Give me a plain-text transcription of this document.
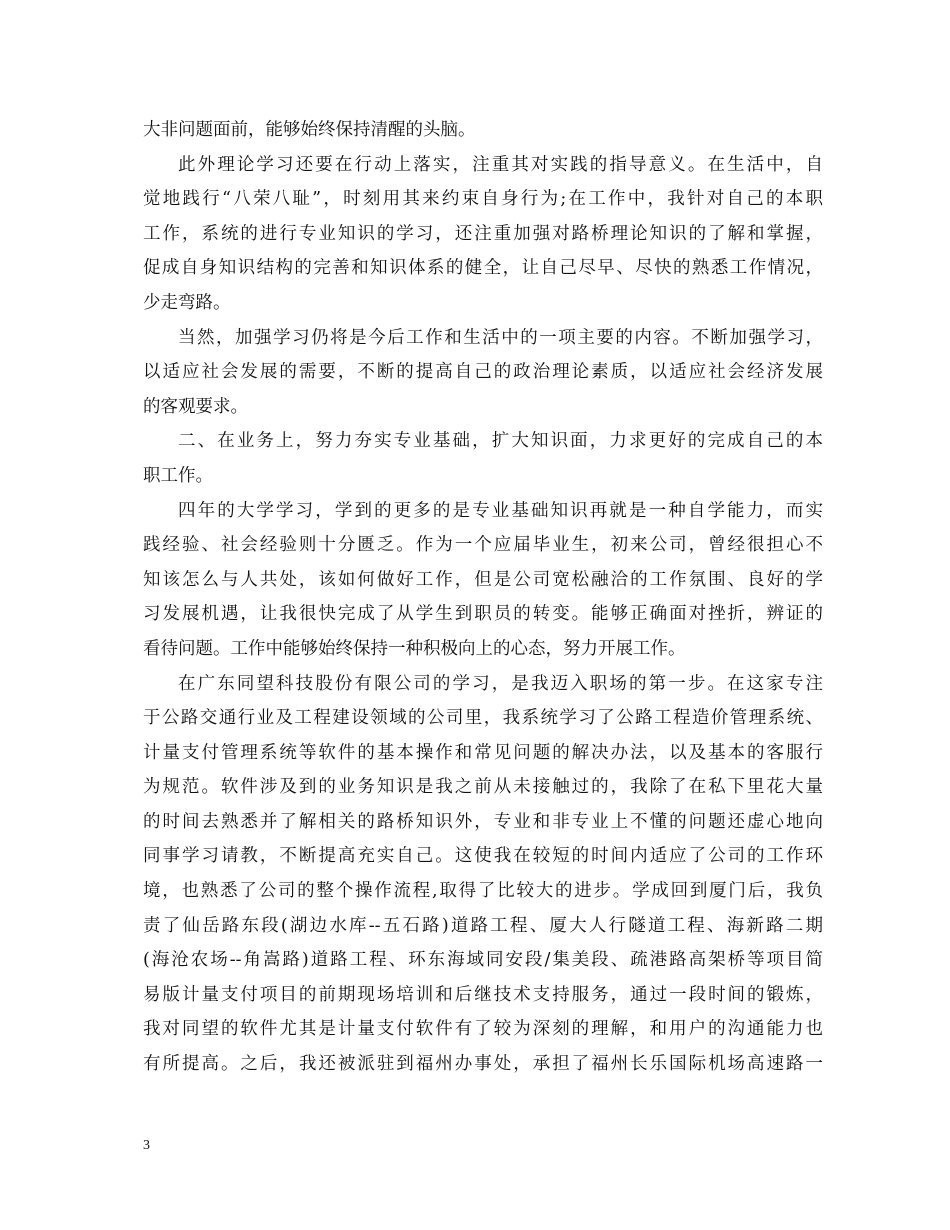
大非问题面前，能够始终保持清醒的头脑。
此外理论学习还要在行动上落实，注重其对实践的指导意义。在生活中，自
觉地践行“八荣八耻”，时刻用其来约束自身行为;在工作中，我针对自己的本职
工作，系统的进行专业知识的学习，还注重加强对路桥理论知识的了解和掌握，
促成自身知识结构的完善和知识体系的健全，让自己尽早、尽快的熟悉工作情况，
少走弯路。
当然，加强学习仍将是今后工作和生活中的一项主要的内容。不断加强学习，
以适应社会发展的需要，不断的提高自己的政治理论素质，以适应社会经济发展
的客观要求。
二、在业务上，努力夯实专业基础，扩大知识面，力求更好的完成自己的本
职工作。
四年的大学学习，学到的更多的是专业基础知识再就是一种自学能力，而实
践经验、社会经验则十分匮乏。作为一个应届毕业生，初来公司，曾经很担心不
知该怎么与人共处，该如何做好工作，但是公司宽松融洽的工作氛围、良好的学
习发展机遇，让我很快完成了从学生到职员的转变。能够正确面对挫折，辨证的
看待问题。工作中能够始终保持一种积极向上的心态，努力开展工作。
在广东同望科技股份有限公司的学习，是我迈入职场的第一步。在这家专注
于公路交通行业及工程建设领域的公司里，我系统学习了公路工程造价管理系统、
计量支付管理系统等软件的基本操作和常见问题的解决办法，以及基本的客服行
为规范。软件涉及到的业务知识是我之前从未接触过的，我除了在私下里花大量
的时间去熟悉并了解相关的路桥知识外，专业和非专业上不懂的问题还虚心地向
同事学习请教，不断提高充实自己。这使我在较短的时间内适应了公司的工作环
境，也熟悉了公司的整个操作流程,取得了比较大的进步。学成回到厦门后，我负
责了仙岳路东段(湖边水库--五石路)道路工程、厦大人行隧道工程、海新路二期
(海沧农场--角嵩路)道路工程、环东海域同安段/集美段、疏港路高架桥等项目简
易版计量支付项目的前期现场培训和后继技术支持服务，通过一段时间的锻炼，
我对同望的软件尤其是计量支付软件有了较为深刻的理解，和用户的沟通能力也
有所提高。之后，我还被派驻到福州办事处，承担了福州长乐国际机场高速路一
3
